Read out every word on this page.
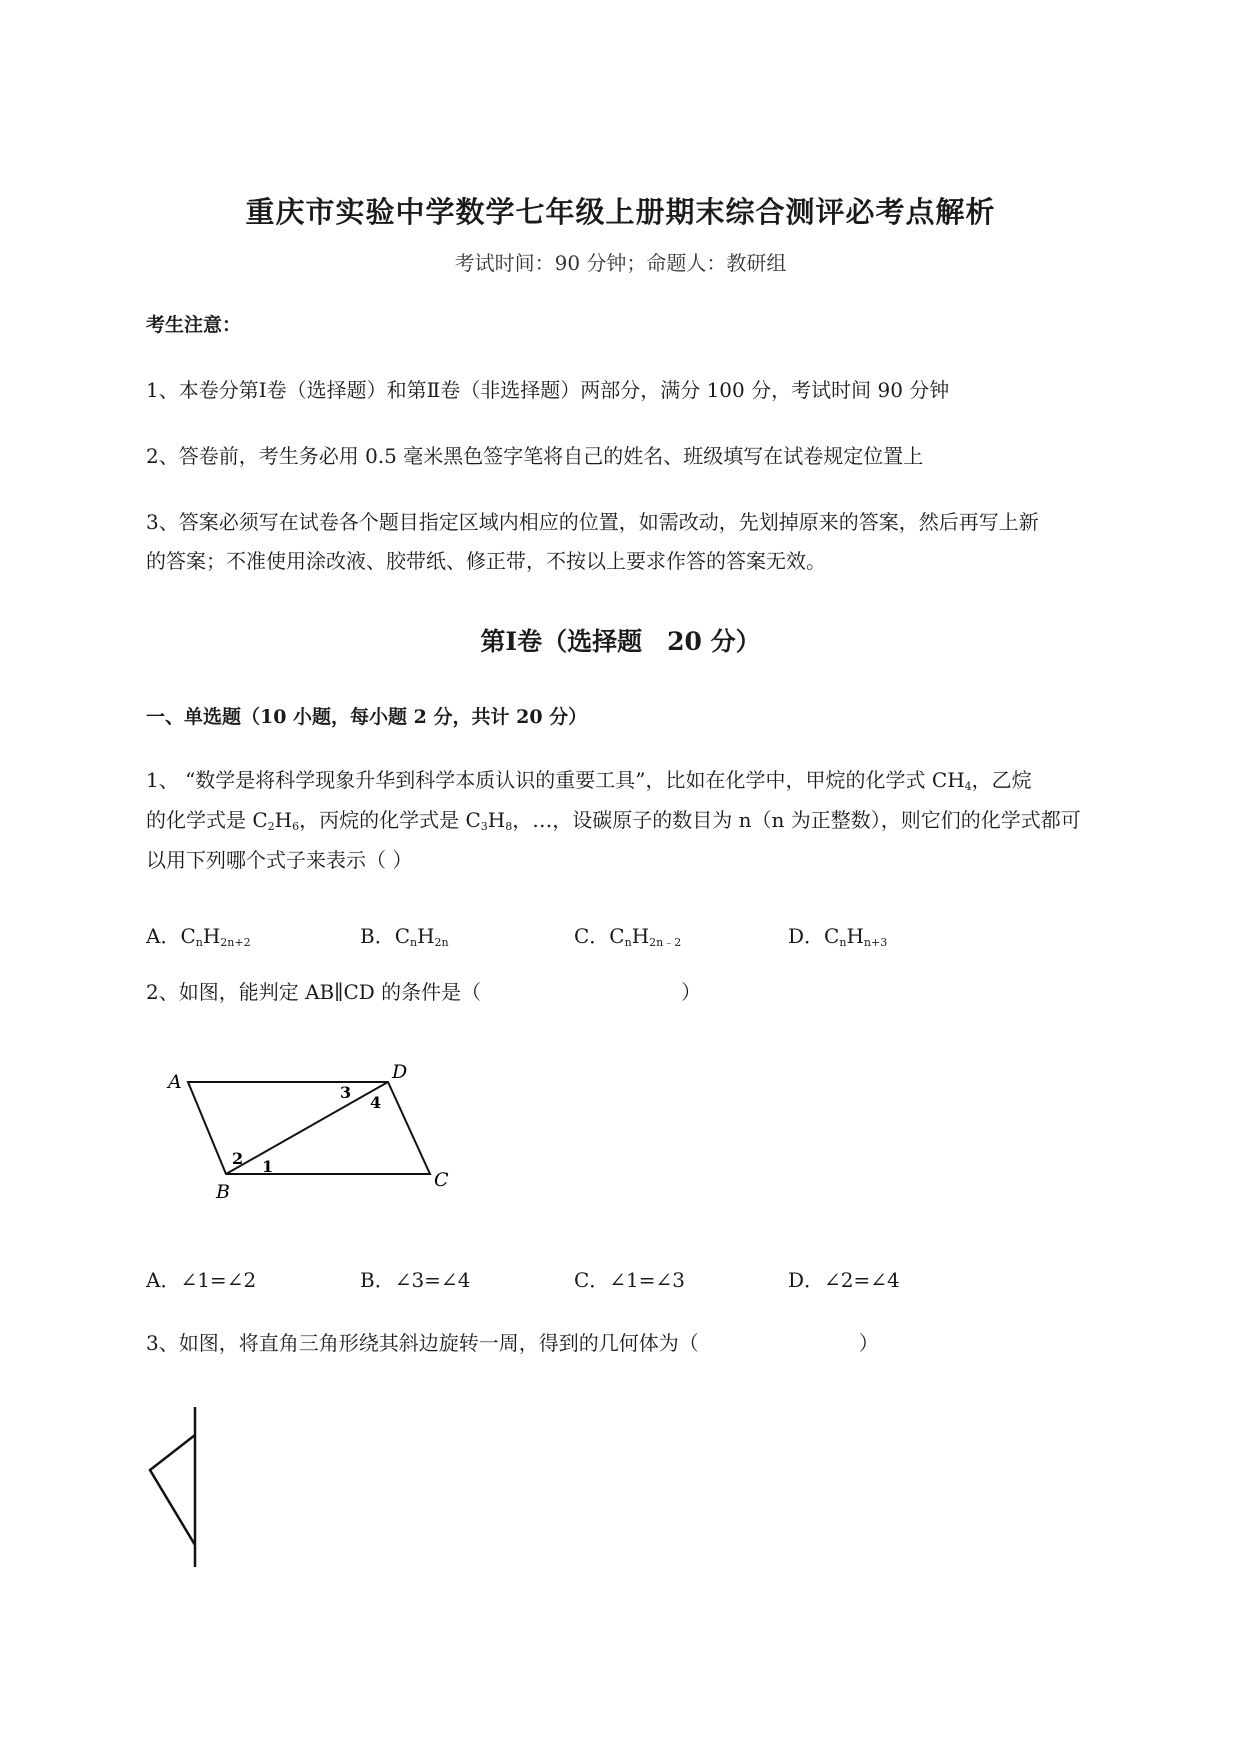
重庆市实验中学数学七年级上册期末综合测评必考点解析
考试时间：90 分钟；命题人：教研组
考生注意：
1、本卷分第Ⅰ卷（选择题）和第Ⅱ卷（非选择题）两部分，满分 100 分，考试时间 90 分钟
2、答卷前，考生务必用 0.5 毫米黑色签字笔将自己的姓名、班级填写在试卷规定位置上
3、答案必须写在试卷各个题目指定区域内相应的位置，如需改动，先划掉原来的答案，然后再写上新
的答案；不准使用涂改液、胶带纸、修正带，不按以上要求作答的答案无效。
第Ⅰ卷（选择题　20 分）
一、单选题（10 小题，每小题 2 分，共计 20 分）
1、 “数学是将科学现象升华到科学本质认识的重要工具”，比如在化学中，甲烷的化学式 $CH_4$，乙烷
的化学式是 $C_2H_6$，丙烷的化学式是 $C_3H_8$，…，设碳原子的数目为 n（n 为正整数），则它们的化学式都可
以用下列哪个式子来表示（ ）
A．$C_nH_{2n+2}$	B．$C_nH_{2n}$	C．$C_nH_{2n﹣2}$	D．$C_nH_{n+3}$
2、如图，能判定 AB∥CD 的条件是（　　　　　　　　　　）
A	D
B
C
1
2
3
4
A．∠1=∠2	B．∠3=∠4	C．∠1=∠3	D．∠2=∠4
3、如图，将直角三角形绕其斜边旋转一周，得到的几何体为（　　　　　　　　）
